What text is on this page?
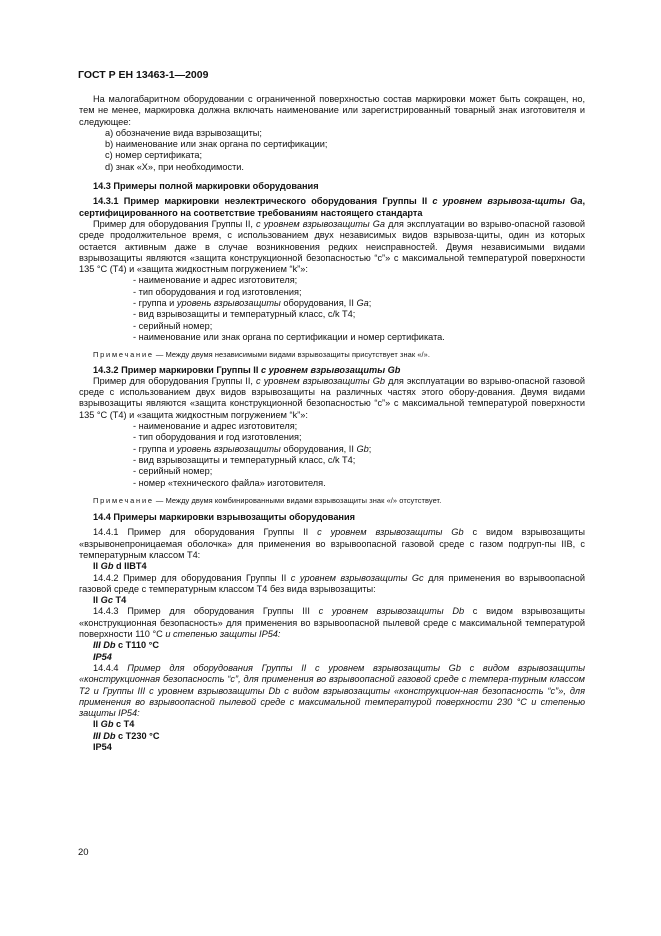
ГОСТ Р ЕН 13463-1—2009

На малогабаритном оборудовании с ограниченной поверхностью состав маркировки может быть сокращен, но, тем не менее, маркировка должна включать наименование или зарегистрированный товарный знак изготовителя и следующее:

a) обозначение вида взрывозащиты;
b) наименование или знак органа по сертификации;
c) номер сертификата;
d) знак «Х», при необходимости.
14.3 Примеры полной маркировки оборудования

14.3.1 Пример маркировки неэлектрического оборудования Группы II с уровнем взрывоза-щиты Ga, сертифицированного на соответствие требованиям настоящего стандарта

Пример для оборудования Группы II, с уровнем взрывозащиты Ga для эксплуатации во взрыво-опасной газовой среде продолжительное время, с использованием двух независимых видов взрывоза-щиты, один из которых остается активным даже в случае возникновения редких неисправностей. Двумя независимыми видами взрывозащиты являются «защита конструкционной безопасностью “с”» с максимальной температурой поверхности 135 °С (Т4) и «защита жидкостным погружением “k”»:

- наименование и адрес изготовителя;
- тип оборудования и год изготовления;
- группа и уровень взрывозащиты оборудования, II Ga;
- вид взрывозащиты и температурный класс, c/k T4;
- серийный номер;
- наименование или знак органа по сертификации и номер сертификата.
Примечание — Между двумя независимыми видами взрывозащиты присутствует знак «/».

14.3.2 Пример маркировки Группы II с уровнем взрывозащиты Gb

Пример для оборудования Группы II, с уровнем взрывозащиты Gb для эксплуатации во взрыво-опасной газовой среде с использованием двух видов взрывозащиты на различных частях этого обору-дования. Двумя видами взрывозащиты являются «защита конструкционной безопасностью “с”» с максимальной температурой поверхности 135 °С (Т4) и «защита жидкостным погружением “k”»:

- наименование и адрес изготовителя;
- тип оборудования и год изготовления;
- группа и уровень взрывозащиты оборудования, II Gb;
- вид взрывозащиты и температурный класс, c/k T4;
- серийный номер;
- номер «технического файла» изготовителя.
Примечание — Между двумя комбинированными видами взрывозащиты знак «/» отсутствует.
14.4 Примеры маркировки взрывозащиты оборудования

14.4.1 Пример для оборудования Группы II с уровнем взрывозащиты Gb с видом взрывозащиты «взрывонепроницаемая оболочка» для применения во взрывоопасной газовой среде с газом подгруп-пы IIB, с температурным классом Т4:

II Gb d IIBT4

14.4.2 Пример для оборудования Группы II с уровнем взрывозащиты Gc для применения во взрывоопасной газовой среде с температурным классом Т4 без вида взрывозащиты:

II Gc T4

14.4.3 Пример для оборудования Группы III с уровнем взрывозащиты Db с видом взрывозащиты «конструкционная безопасность» для применения во взрывоопасной пылевой среде с максимальной температурой поверхности 110 °С и степенью защиты IP54:

III Db c T110 °C
IP54

14.4.4 Пример для оборудования Группы II с уровнем взрывозащиты Gb с видом взрывозащиты «конструкционная безопасность “с”, для применения во взрывоопасной газовой среде с темпера-турным классом Т2 и Группы III с уровнем взрывозащиты Db с видом взрывозащиты «конструкцион-ная безопасность “с”», для применения во взрывоопасной пылевой среде с максимальной температурой поверхности 230 °С и степенью защиты IP54:

II Gb c T4
III Db c T230 °C
IP54
20
